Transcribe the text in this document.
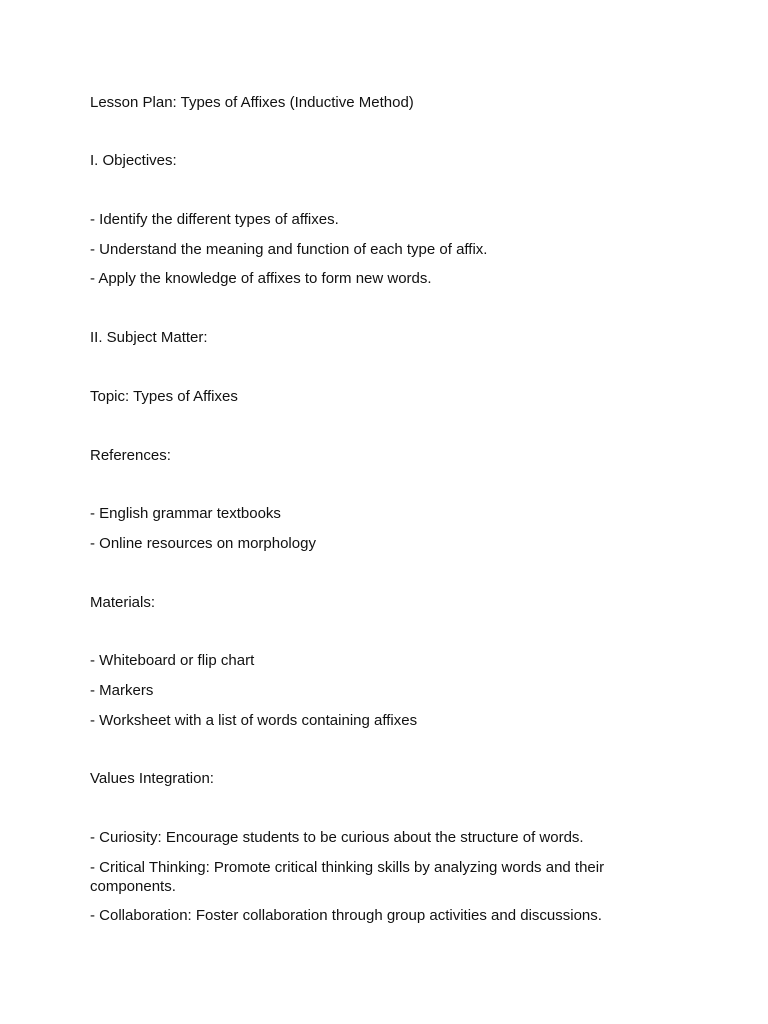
Lesson Plan: Types of Affixes (Inductive Method)

I. Objectives:

- Identify the different types of affixes.

- Understand the meaning and function of each type of affix.

- Apply the knowledge of affixes to form new words.

II. Subject Matter:

Topic: Types of Affixes

References:

- English grammar textbooks

- Online resources on morphology

Materials:

- Whiteboard or flip chart

- Markers

- Worksheet with a list of words containing affixes

Values Integration:

- Curiosity: Encourage students to be curious about the structure of words.

- Critical Thinking: Promote critical thinking skills by analyzing words and their components.

- Collaboration: Foster collaboration through group activities and discussions.
